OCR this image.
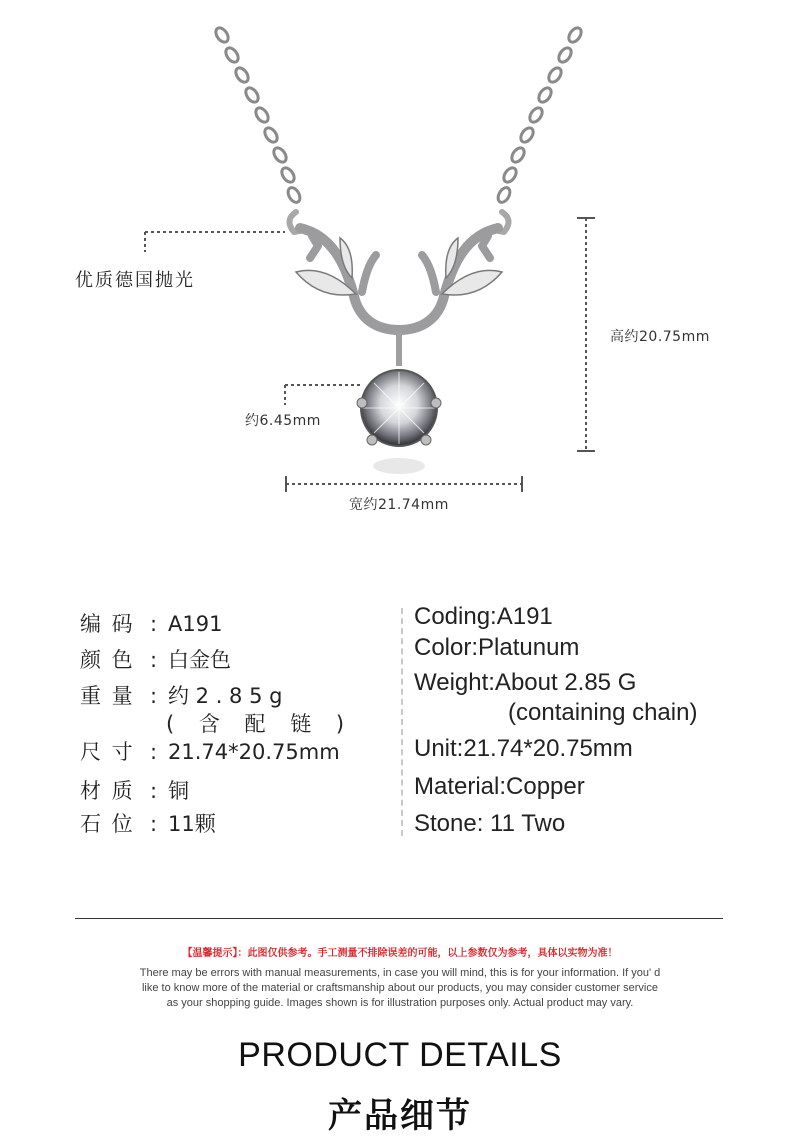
优质德国抛光
高约20.75mm
约6.45mm
宽约21.74mm
编 码 : A191
颜 色 : 白金色
重 量 : 约 2 . 8 5 g
( 含 配 链 )
尺 寸 : 21.74*20.75mm
材 质 : 铜
石 位 : 11颗
Coding:A191
Color:Platunum
Weight:About 2.85 G
(containing chain)
Unit:21.74*20.75mm
Material:Copper
Stone: 11 Two
【温馨提示】：此图仅供参考。手工测量不排除误差的可能，以上参数仅为参考，具体以实物为准！
There may be errors with manual measurements, in case you will mind, this is for your information. If you' d
like to know more of the material or craftsmanship about our products, you may consider customer service
as your shopping guide. Images shown is for illustration purposes only. Actual product may vary.
PRODUCT DETAILS
产品细节
